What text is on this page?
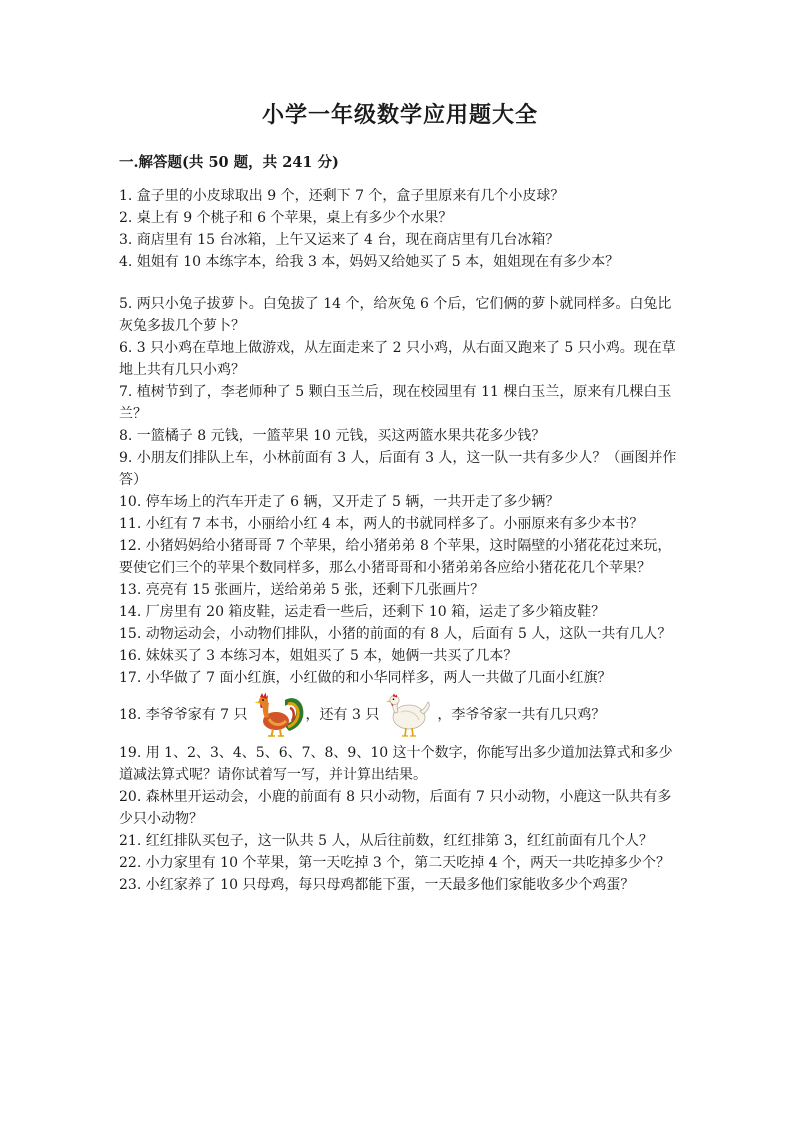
小学一年级数学应用题大全
一.解答题(共 50 题，共 241 分)
1. 盒子里的小皮球取出 9 个，还剩下 7 个，盒子里原来有几个小皮球？
2. 桌上有 9 个桃子和 6 个苹果，桌上有多少个水果？
3. 商店里有 15 台冰箱，上午又运来了 4 台，现在商店里有几台冰箱？
4. 姐姐有 10 本练字本，给我 3 本，妈妈又给她买了 5 本，姐姐现在有多少本？
5. 两只小兔子拔萝卜。白兔拔了 14 个，给灰兔 6 个后，它们俩的萝卜就同样多。白兔比灰兔多拔几个萝卜？
6. 3 只小鸡在草地上做游戏，从左面走来了 2 只小鸡，从右面又跑来了 5 只小鸡。现在草地上共有几只小鸡？
7. 植树节到了，李老师种了 5 颗白玉兰后，现在校园里有 11 棵白玉兰，原来有几棵白玉兰？
8. 一篮橘子 8 元钱，一篮苹果 10 元钱，买这两篮水果共花多少钱？
9. 小朋友们排队上车，小林前面有 3 人，后面有 3 人，这一队一共有多少人？（画图并作答）
10. 停车场上的汽车开走了 6 辆，又开走了 5 辆，一共开走了多少辆？
11. 小红有 7 本书，小丽给小红 4 本，两人的书就同样多了。小丽原来有多少本书？
12. 小猪妈妈给小猪哥哥 7 个苹果，给小猪弟弟 8 个苹果，这时隔壁的小猪花花过来玩，要使它们三个的苹果个数同样多，那么小猪哥哥和小猪弟弟各应给小猪花花几个苹果？
13. 亮亮有 15 张画片，送给弟弟 5 张，还剩下几张画片？
14. 厂房里有 20 箱皮鞋，运走看一些后，还剩下 10 箱，运走了多少箱皮鞋？
15. 动物运动会，小动物们排队，小猪的前面的有 8 人，后面有 5 人，这队一共有几人？
16. 妹妹买了 3 本练习本，姐姐买了 5 本，她俩一共买了几本？
17. 小华做了 7 面小红旗，小红做的和小华同样多，两人一共做了几面小红旗？
18. 李爷爷家有 7 只	，还有 3 只	，李爷爷家一共有几只鸡？
19. 用 1、2、3、4、5、6、7、8、9、10 这十个数字，你能写出多少道加法算式和多少道减法算式呢？请你试着写一写，并计算出结果。
20. 森林里开运动会，小鹿的前面有 8 只小动物，后面有 7 只小动物，小鹿这一队共有多少只小动物？
21. 红红排队买包子，这一队共 5 人，从后往前数，红红排第 3，红红前面有几个人？
22. 小力家里有 10 个苹果，第一天吃掉 3 个，第二天吃掉 4 个，两天一共吃掉多少个？
23. 小红家养了 10 只母鸡，每只母鸡都能下蛋，一天最多他们家能收多少个鸡蛋？
